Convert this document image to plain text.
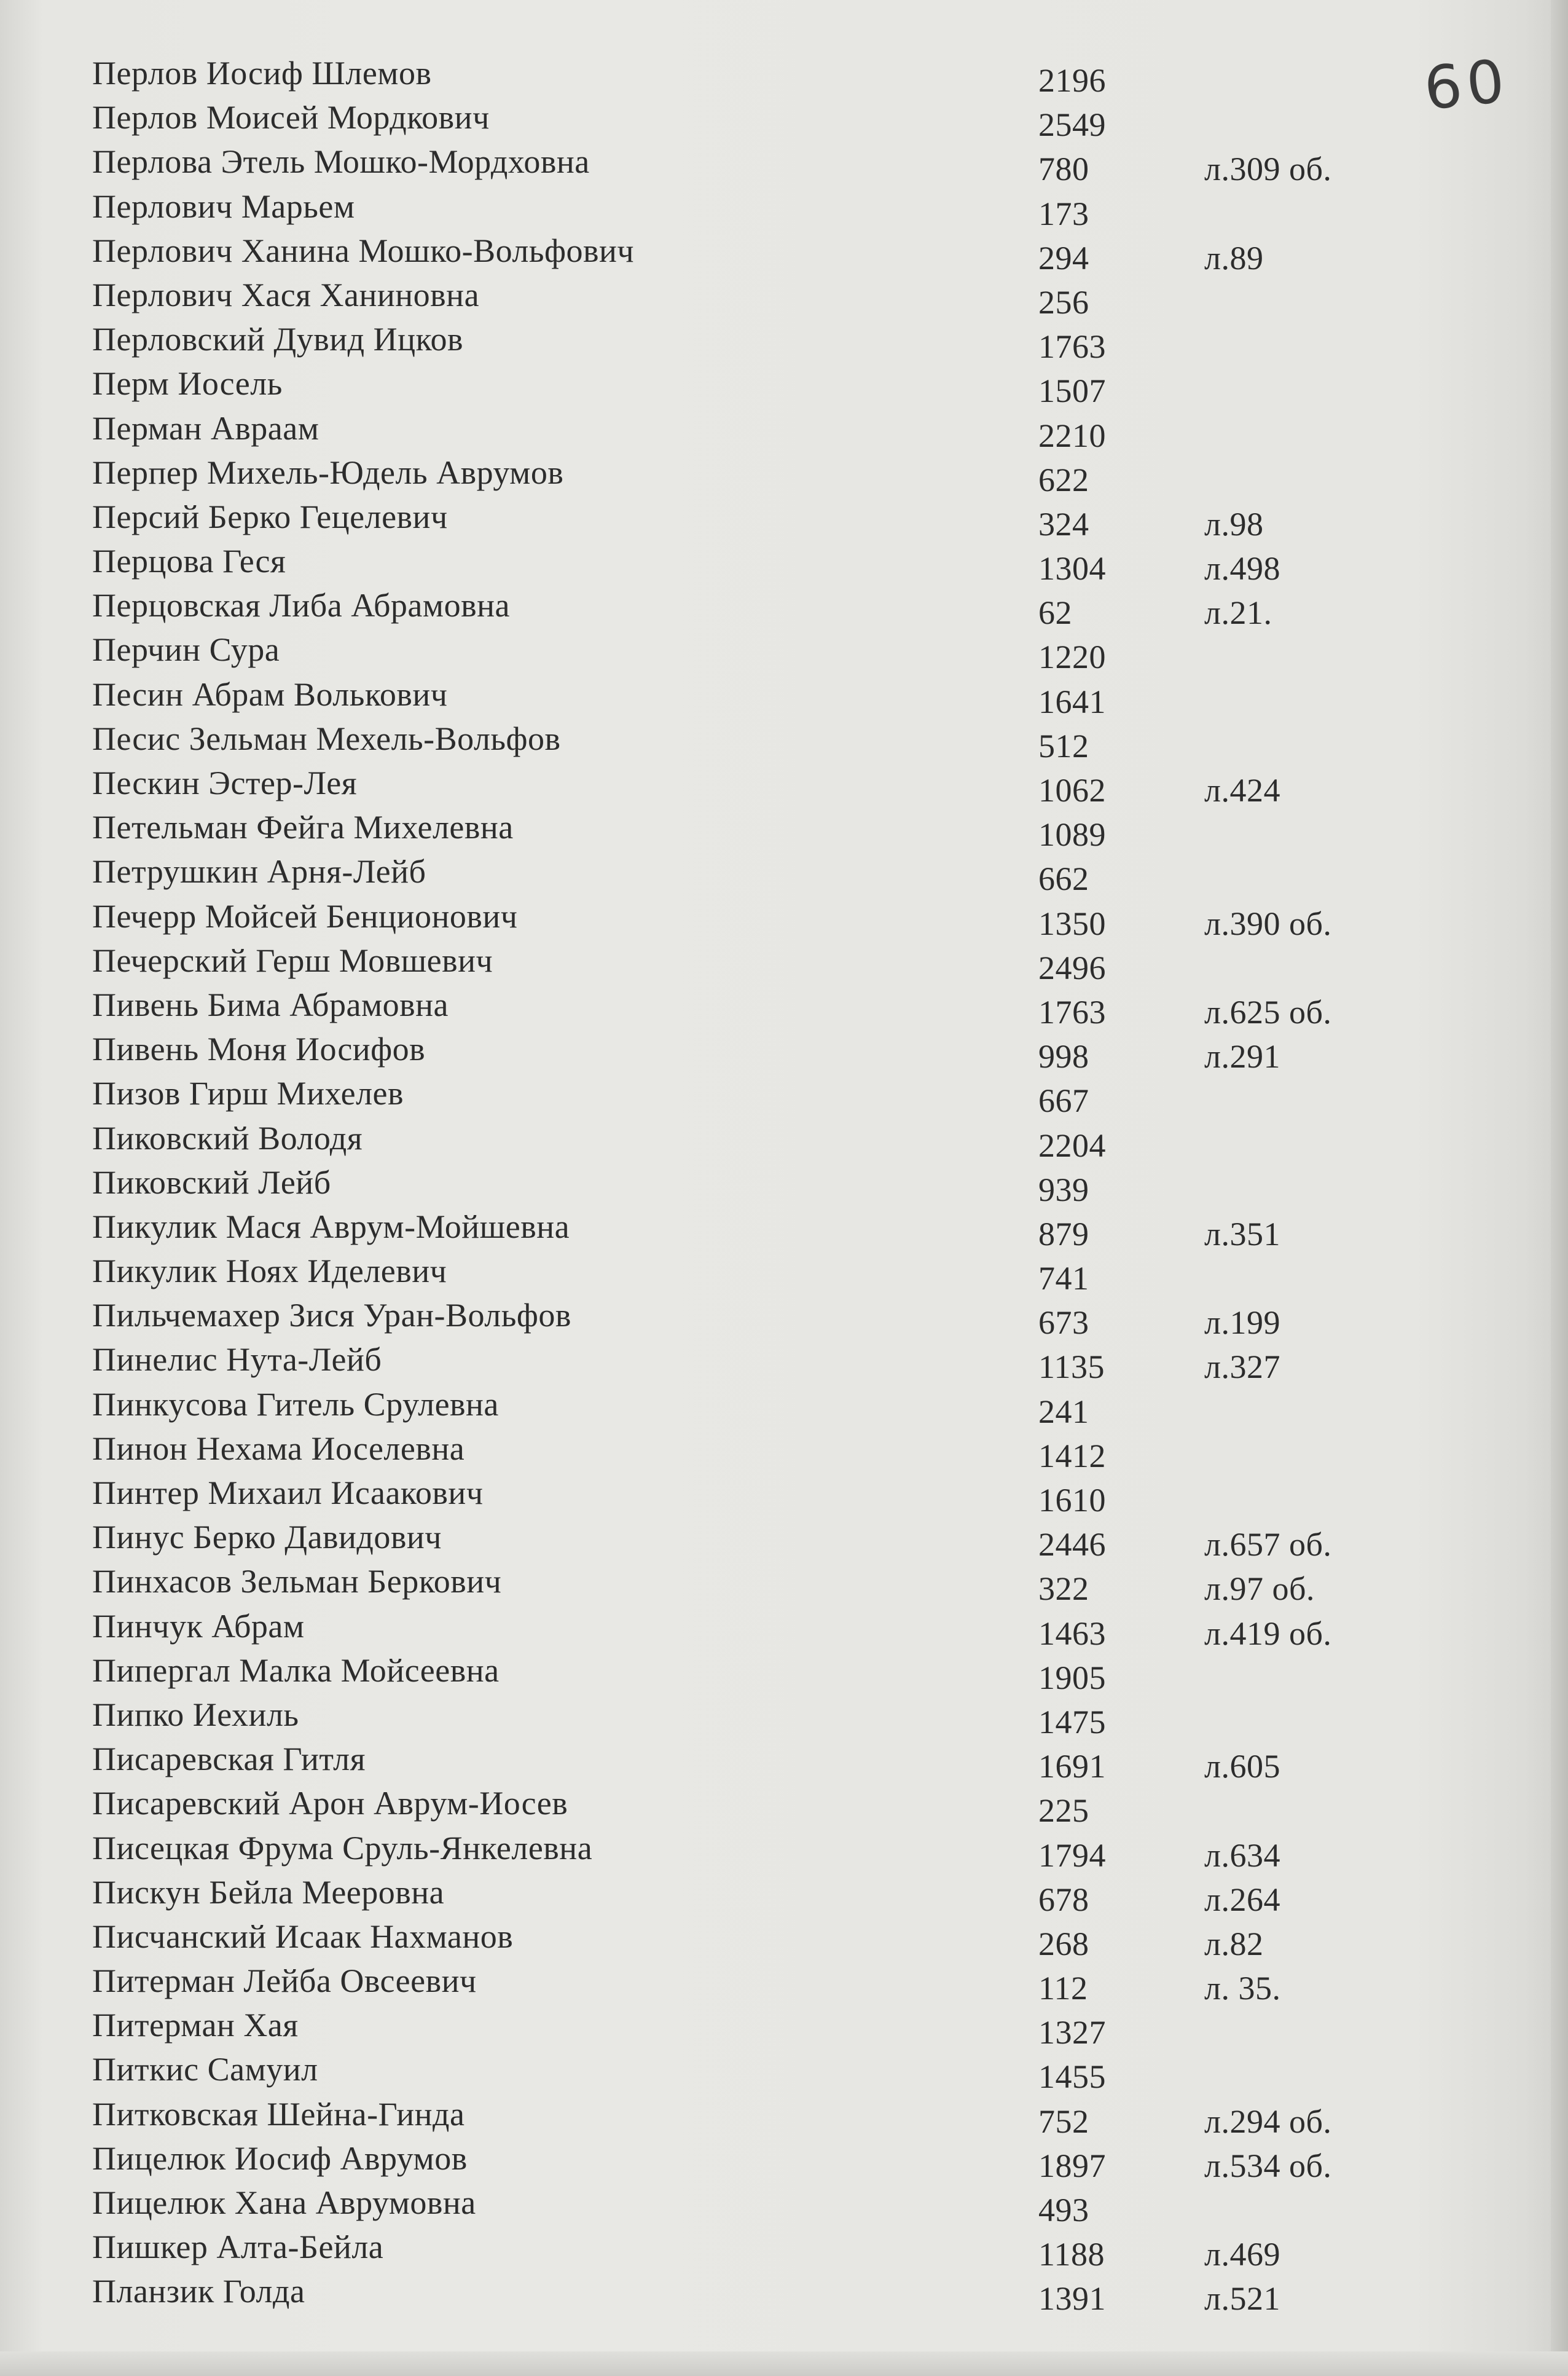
60
Перлов Иосиф Шлемов	2196
Перлов Моисей Мордкович	2549
Перлова Этель Мошко-Мордховна	780	л.309 об.
Перлович Марьем	173
Перлович Ханина Мошко-Вольфович	294	л.89
Перлович Хася Ханиновна	256
Перловский Дувид Ицков	1763
Перм Иосель	1507
Перман Авраам	2210
Перпер Михель-Юдель Аврумов	622
Персий Берко Гецелевич	324	л.98
Перцова Геся	1304	л.498
Перцовская Либа Абрамовна	62	л.21.
Перчин Сура	1220
Песин Абрам Волькович	1641
Песис Зельман Мехель-Вольфов	512
Пескин Эстер-Лея	1062	л.424
Петельман Фейга Михелевна	1089
Петрушкин Арня-Лейб	662
Печерр Мойсей Бенционович	1350	л.390 об.
Печерский Герш Мовшевич	2496
Пивень Бима Абрамовна	1763	л.625 об.
Пивень Моня Иосифов	998	л.291
Пизов Гирш Михелев	667
Пиковский Володя	2204
Пиковский Лейб	939
Пикулик Мася Аврум-Мойшевна	879	л.351
Пикулик Ноях Иделевич	741
Пильчемахер Зися Уран-Вольфов	673	л.199
Пинелис Нута-Лейб	1135	л.327
Пинкусова Гитель Срулевна	241
Пинон Нехама Иоселевна	1412
Пинтер Михаил Исаакович	1610
Пинус Берко Давидович	2446	л.657 об.
Пинхасов Зельман Беркович	322	л.97 об.
Пинчук Абрам	1463	л.419 об.
Пипергал Малка Мойсеевна	1905
Пипко Иехиль	1475
Писаревская Гитля	1691	л.605
Писаревский Арон Аврум-Иосев	225
Писецкая Фрума Сруль-Янкелевна	1794	л.634
Пискун Бейла Мееровна	678	л.264
Писчанский Исаак Нахманов	268	л.82
Питерман Лейба Овсеевич	112	л. 35.
Питерман Хая	1327
Питкис Самуил	1455
Питковская Шейна-Гинда	752	л.294 об.
Пицелюк Иосиф Аврумов	1897	л.534 об.
Пицелюк Хана Аврумовна	493
Пишкер Алта-Бейла	1188	л.469
Планзик Голда	1391	л.521
